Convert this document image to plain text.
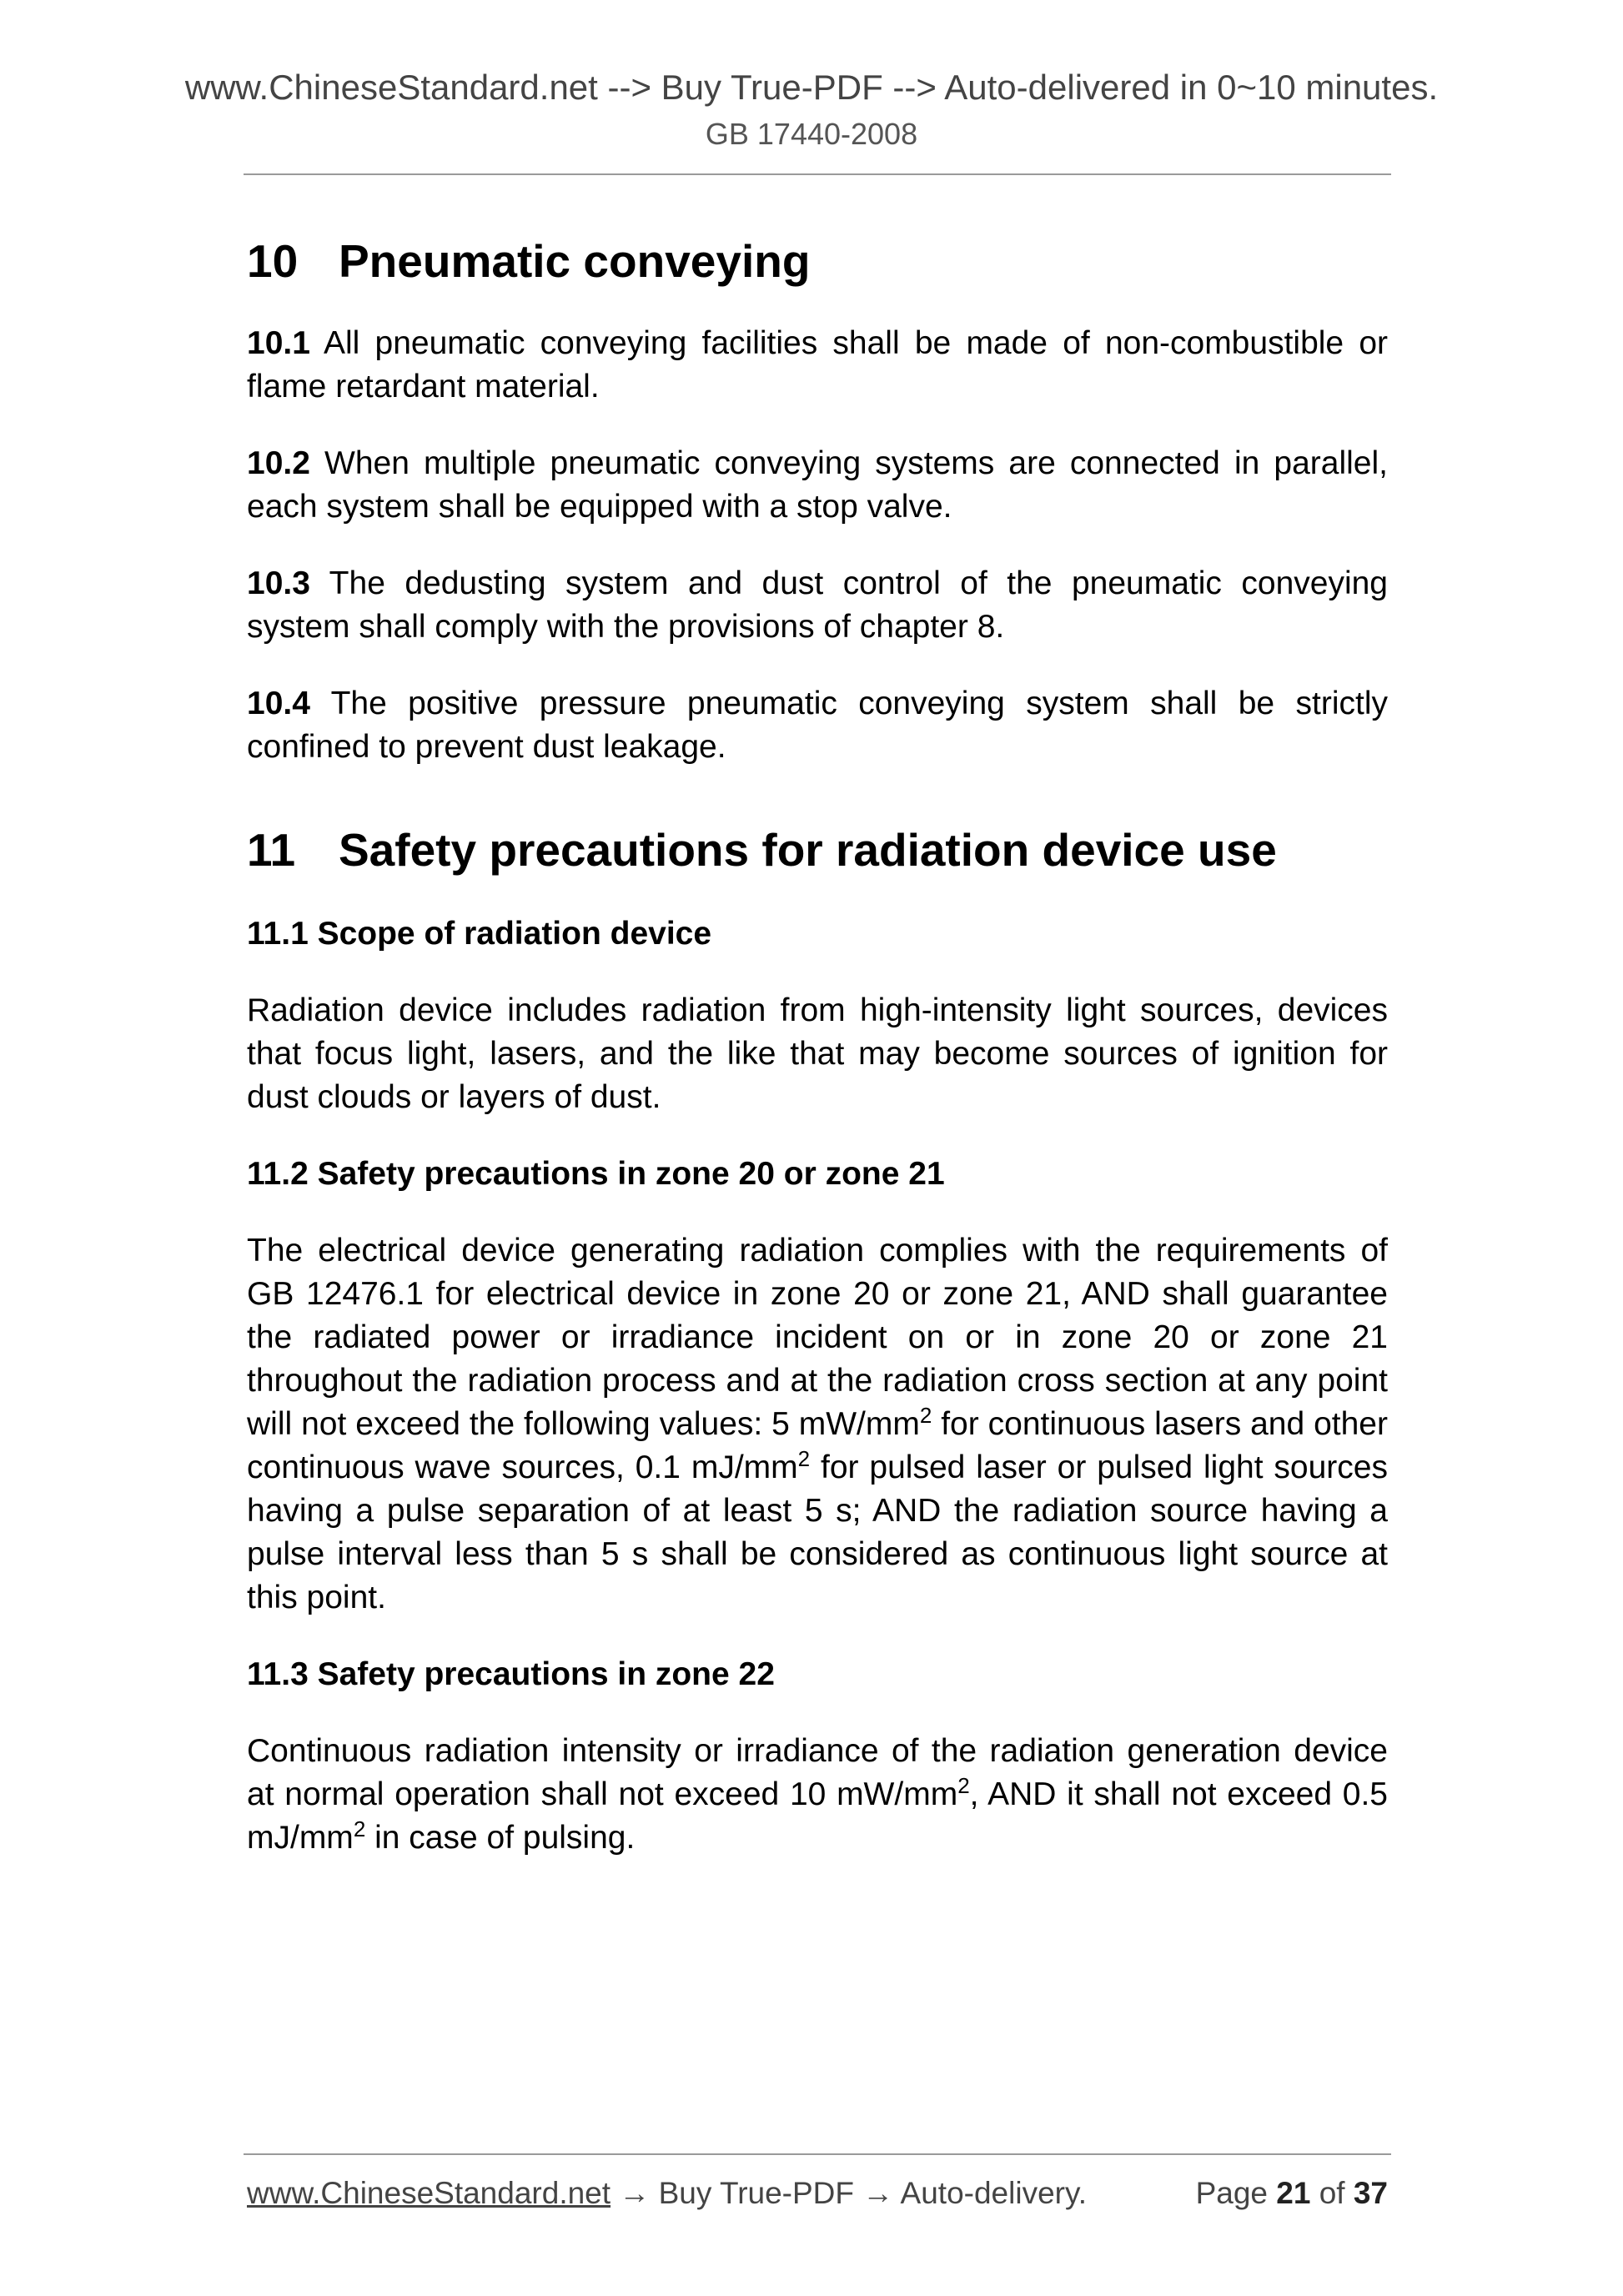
www.ChineseStandard.net --> Buy True-PDF --> Auto-delivered in 0~10 minutes.
GB 17440-2008
10 Pneumatic conveying

10.1 All pneumatic conveying facilities shall be made of non-combustible or flame retardant material.

10.2 When multiple pneumatic conveying systems are connected in parallel, each system shall be equipped with a stop valve.

10.3 The dedusting system and dust control of the pneumatic conveying system shall comply with the provisions of chapter 8.

10.4 The positive pressure pneumatic conveying system shall be strictly confined to prevent dust leakage.

11 Safety precautions for radiation device use
11.1 Scope of radiation device

Radiation device includes radiation from high-intensity light sources, devices that focus light, lasers, and the like that may become sources of ignition for dust clouds or layers of dust.

11.2 Safety precautions in zone 20 or zone 21

The electrical device generating radiation complies with the requirements of GB 12476.1 for electrical device in zone 20 or zone 21, AND shall guarantee the radiated power or irradiance incident on or in zone 20 or zone 21 throughout the radiation process and at the radiation cross section at any point will not exceed the following values: 5 $mW/mm^2$ for continuous lasers and other continuous wave sources, 0.1 $mJ/mm^2$ for pulsed laser or pulsed light sources having a pulse separation of at least 5 s; AND the radiation source having a pulse interval less than 5 s shall be considered as continuous light source at this point.

11.3 Safety precautions in zone 22

Continuous radiation intensity or irradiance of the radiation generation device at normal operation shall not exceed 10 $mW/mm^2$, AND it shall not exceed 0.5 $mJ/mm^2$ in case of pulsing.

www.ChineseStandard.net → Buy True-PDF → Auto-delivery.	Page 21 of 37
